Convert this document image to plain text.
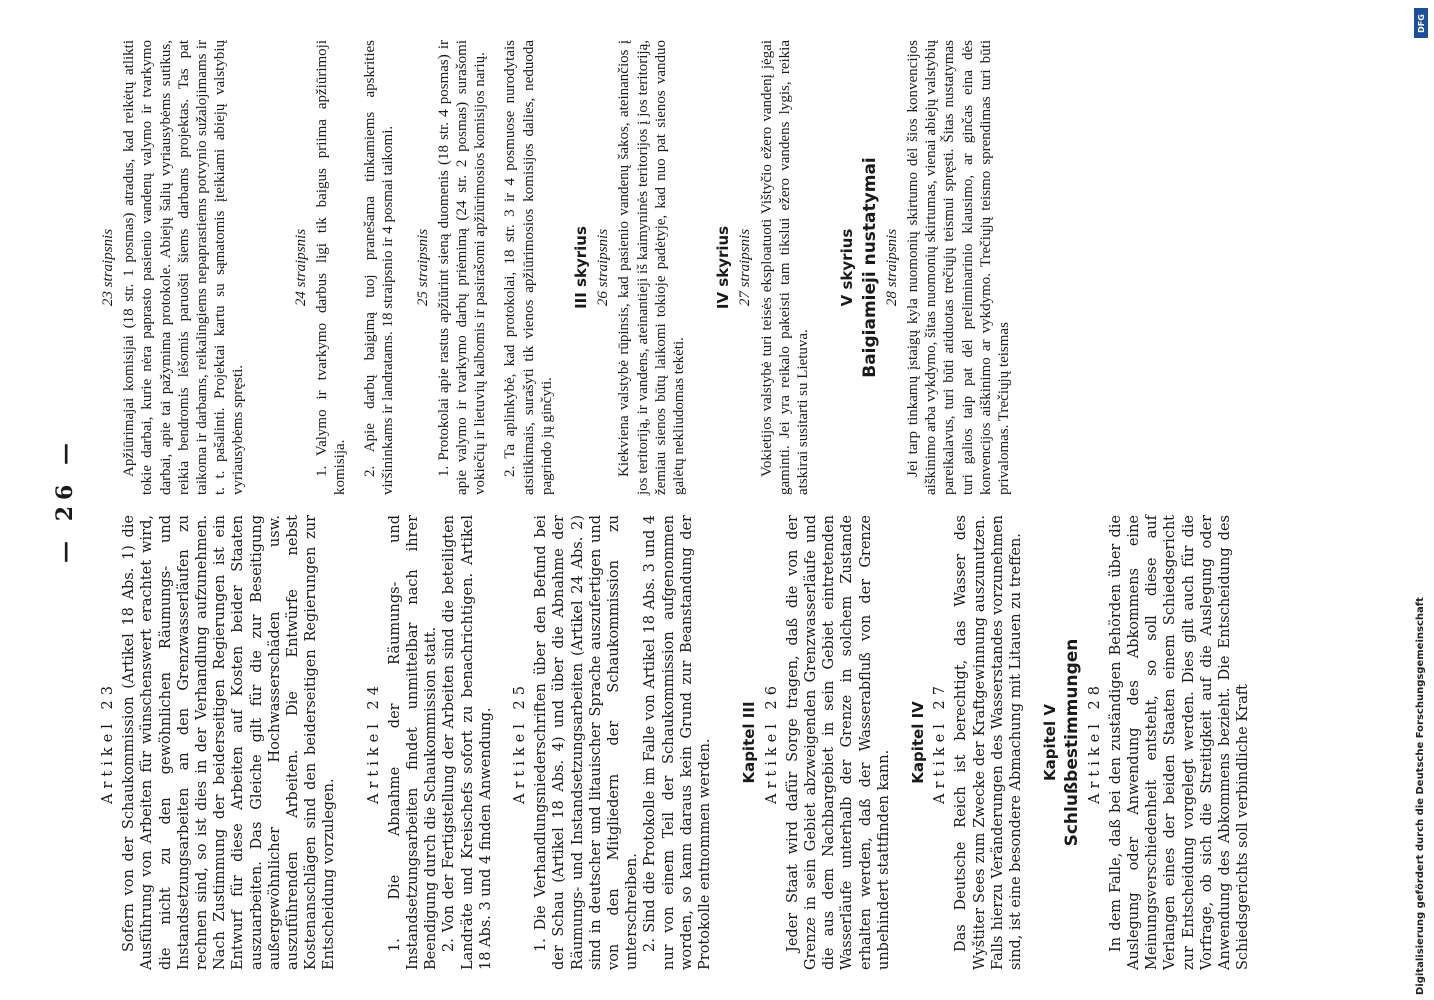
— 26 —
Artikel 23 Sofern von der Schaukommission (Artikel 18 Abs. 1) die Ausführung von Arbeiten für wünschenswert erachtet wird, die nicht zu den gewöhnlichen Räumungs- und Instandsetzungsarbeiten an den Grenzwasserläufen zu rechnen sind, so ist dies in der Verhandlung aufzunehmen. Nach Zustimmung der beiderseitigen Regierungen ist ein Entwurf für diese Arbeiten auf Kosten beider Staaten auszuarbeiten. Das Gleiche gilt für die zur Beseitigung außergewöhnlicher Hochwasserschäden usw. auszuführenden Arbeiten. Die Entwürfe nebst Kostenanschlägen sind den beiderseitigen Regierungen zur Entscheidung vorzulegen.

Artikel 24 1. Die Abnahme der Räumungs- und Instandsetzungsarbeiten findet unmittelbar nach ihrer Beendigung durch die Schaukommission statt. 2. Von der Fertigstellung der Arbeiten sind die beteiligten Landräte und Kreischefs sofort zu benachrichtigen. Artikel 18 Abs. 3 und 4 finden Anwendung. Artikel 25 1. Die Verhandlungsniederschriften über den Befund bei der Schau (Artikel 18 Abs. 4) und über die Abnahme der Räumungs- und Instandsetzungsarbeiten (Artikel 24 Abs. 2) sind in deutscher und litauischer Sprache auszufertigen und von den Mitgliedern der Schaukommission zu unterschreiben. 2. Sind die Protokolle im Falle von Artikel 18 Abs. 3 und 4 nur von einem Teil der Schaukommission aufgenommen worden, so kann daraus kein Grund zur Beanstandung der Protokolle entnommen werden. Kapitel III Artikel 26 Jeder Staat wird dafür Sorge tragen, daß die von der Grenze in sein Gebiet abzweigenden Grenzwasserläufe und die aus dem Nachbargebiet in sein Gebiet eintretenden Wasserläufe unterhalb der Grenze in solchem Zustande erhalten werden, daß der Wasserabfluß von der Grenze unbehindert stattfinden kann.

Kapitel IV Artikel 27 Das Deutsche Reich ist berechtigt, das Wasser des Wyštiter Sees zum Zwecke der Kraftgewinnung auszunutzen. Falls hierzu Veränderungen des Wasserstandes vorzunehmen sind, ist eine besondere Abmachung mit Litauen zu treffen. Kapitel V Schlußbestimmungen Artikel 28 In dem Falle, daß bei den zuständigen Behörden über die Auslegung oder Anwendung des Abkommens eine Meinungsverschiedenheit entsteht, so soll diese auf Verlangen eines der beiden Staaten einem Schiedsgericht zur Entscheidung vorgelegt werden. Dies gilt auch für die Vorfrage, ob sich die Streitigkeit auf die Auslegung oder Anwendung des Abkommens bezieht. Die Entscheidung des Schiedsgerichts soll verbindliche Kraft

23 straipsnis Apžiūrimajai komisijai (18 str. 1 posmas) atradus, kad reikėtų atlikti tokie darbai, kurie nėra paprasto pasienio vandenų valymo ir tvarkymo darbai, apie tai pažymima protokole. Abiejų šalių vyriausybėms sutikus, reikia bendromis lėšomis paruošti šiems darbams projektas. Tas pat taikoma ir darbams, reikalingiems nepaprastiems potvynio sužalojimams ir t. t. pašalinti. Projektai kartu su sąmatomis įteikiami abiejų valstybių vyriausybėms spręsti.

24 straipsnis 1. Valymo ir tvarkymo darbus ligi tik baigus priima apžiūrimoji komisija. 2. Apie darbų baigimą tuoj pranešama tinkamiems apskrities viršininkams ir landratams. 18 straipsnio ir 4 posmai taikomi. 25 straipsnis 1. Protokolai apie rastus apžiūrint sieną duomenis (18 str. 4 posmas) ir apie valymo ir tvarkymo darbų priėmimą (24 str. 2 posmas) surašomi vokiečių ir lietuvių kalbomis ir pasirašomi apžiūrimosios komisijos narių. 2. Ta aplinkybė, kad protokolai, 18 str. 3 ir 4 posmuose nurodytais atsitikimais, surašyti tik vienos apžiūrimosios komisijos dalies, neduoda pagrindo jų ginčyti.

III skyrius 26 straipsnis Kiekviena valstybė rūpinsis, kad pasienio vandenų šakos, ateinančios į jos teritoriją, ir vandens, ateinantieji iš kaimyninės teritorijos į jos teritoriją, žemiau sienos būtų laikomi tokioje padėtyje, kad nuo pat sienos vanduo galėtų nekliudomas tekėti.

IV skyrius 27 straipsnis Vokietijos valstybė turi teisės eksploatuoti Vištyčio ežero vandenį jėgai gaminti. Jei yra reikalo pakeisti tam tikslui ežero vandens lygis, reikia atskirai susitarti su Lietuva.

V skyrius Baigiamieji nustatymai 28 straipsnis Jei tarp tinkamų įstaigų kyla nuomonių skirtumo dėl šios konvencijos aiškinimo arba vykdymo, šitas nuomonių skirtumas, vienai abiejų valstybių pareikalavus, turi būti atiduotas trečiųjų teismui spręsti. Šitas nustatymas turi galios taip pat dėl preliminarinio klausimo, ar ginčas eina dės konvencijos aiškinimo ar vykdymo. Trečiųjų teismo sprendimas turi būti privalomas. Trečiųjų teismas

DFG
Digitalisierung gefördert durch die Deutsche Forschungsgemeinschaft
